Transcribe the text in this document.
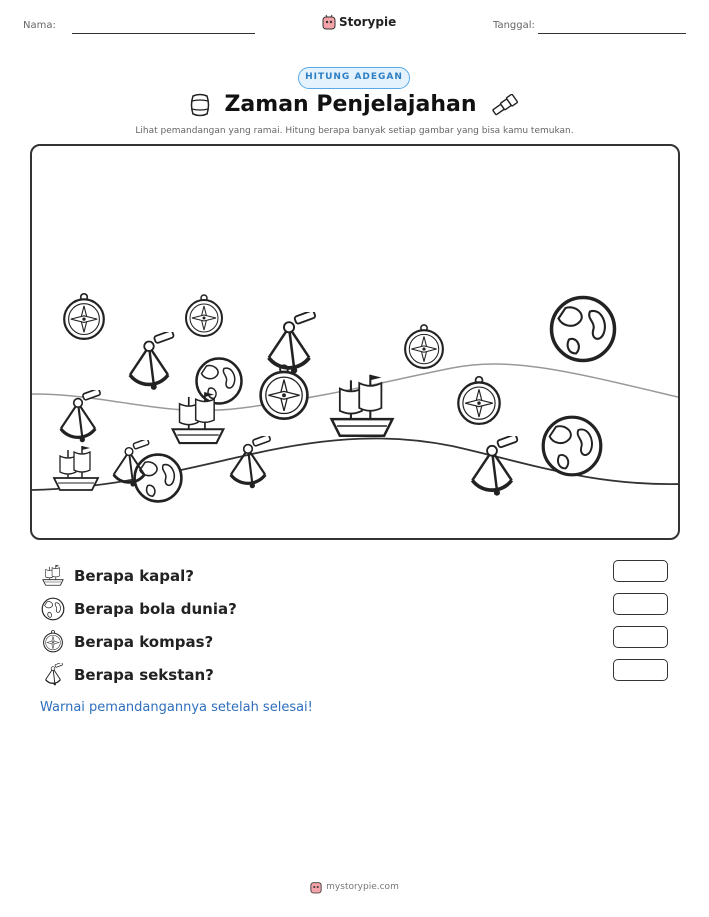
Nama:	Storypie	Tanggal:
HITUNG ADEGAN
Zaman Penjelajahan
Lihat pemandangan yang ramai. Hitung berapa banyak setiap gambar yang bisa kamu temukan.
Berapa kapal?
Berapa bola dunia?
Berapa kompas?
Berapa sekstan?
Warnai pemandangannya setelah selesai!
mystorypie.com
